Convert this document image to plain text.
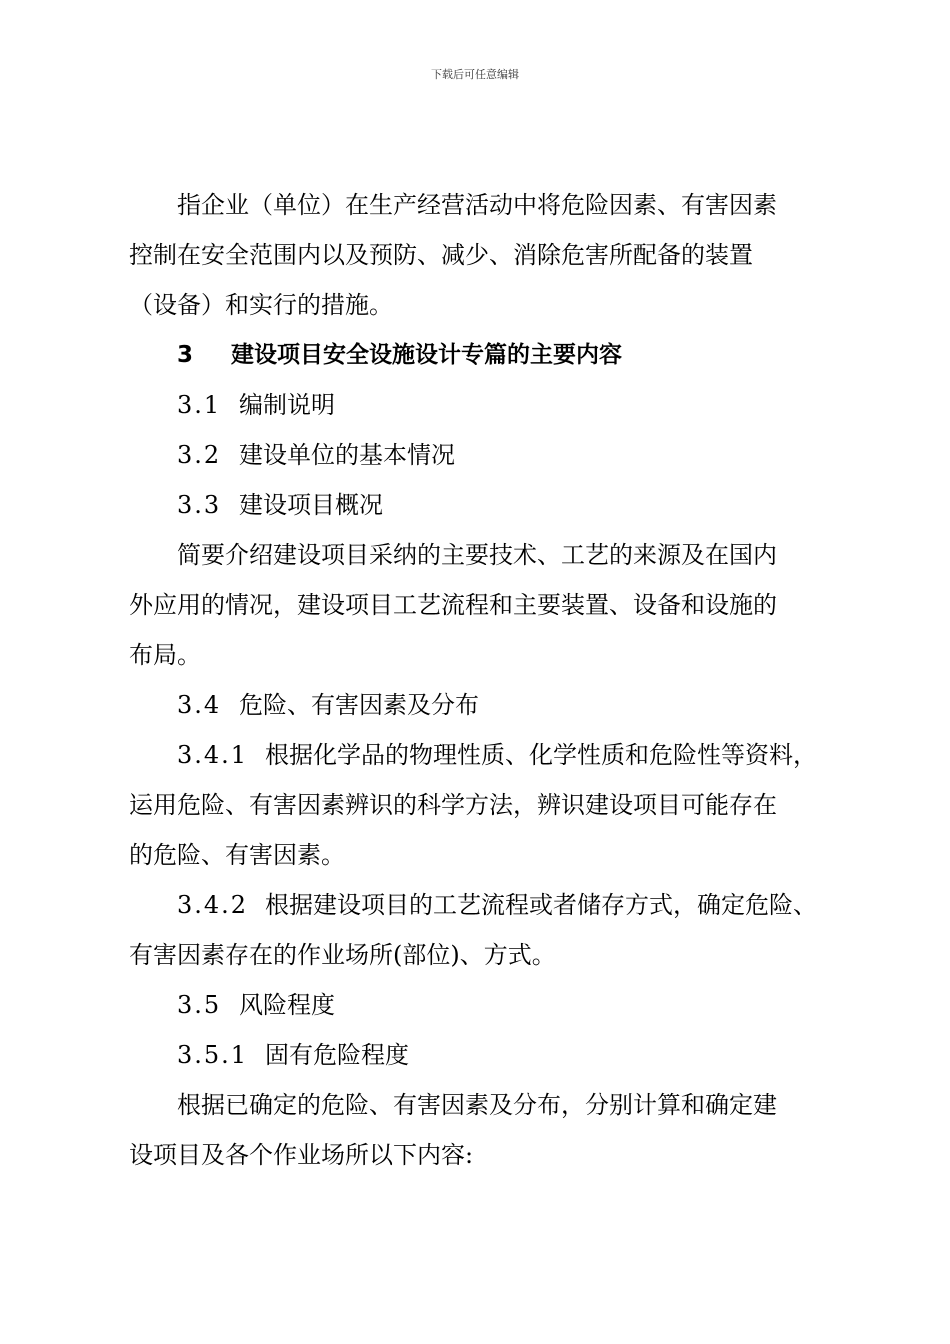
下载后可任意编辑
指企业（单位）在生产经营活动中将危险因素、有害因素
控制在安全范围内以及预防、减少、消除危害所配备的装置
（设备）和实行的措施。
3 建设项目安全设施设计专篇的主要内容
3.1 编制说明
3.2 建设单位的基本情况
3.3 建设项目概况
简要介绍建设项目采纳的主要技术、工艺的来源及在国内
外应用的情况，建设项目工艺流程和主要装置、设备和设施的
布局。
3.4 危险、有害因素及分布
3.4.1 根据化学品的物理性质、化学性质和危险性等资料，
运用危险、有害因素辨识的科学方法，辨识建设项目可能存在
的危险、有害因素。
3.4.2 根据建设项目的工艺流程或者储存方式，确定危险、
有害因素存在的作业场所(部位)、方式。
3.5 风险程度
3.5.1 固有危险程度
根据已确定的危险、有害因素及分布，分别计算和确定建
设项目及各个作业场所以下内容:
